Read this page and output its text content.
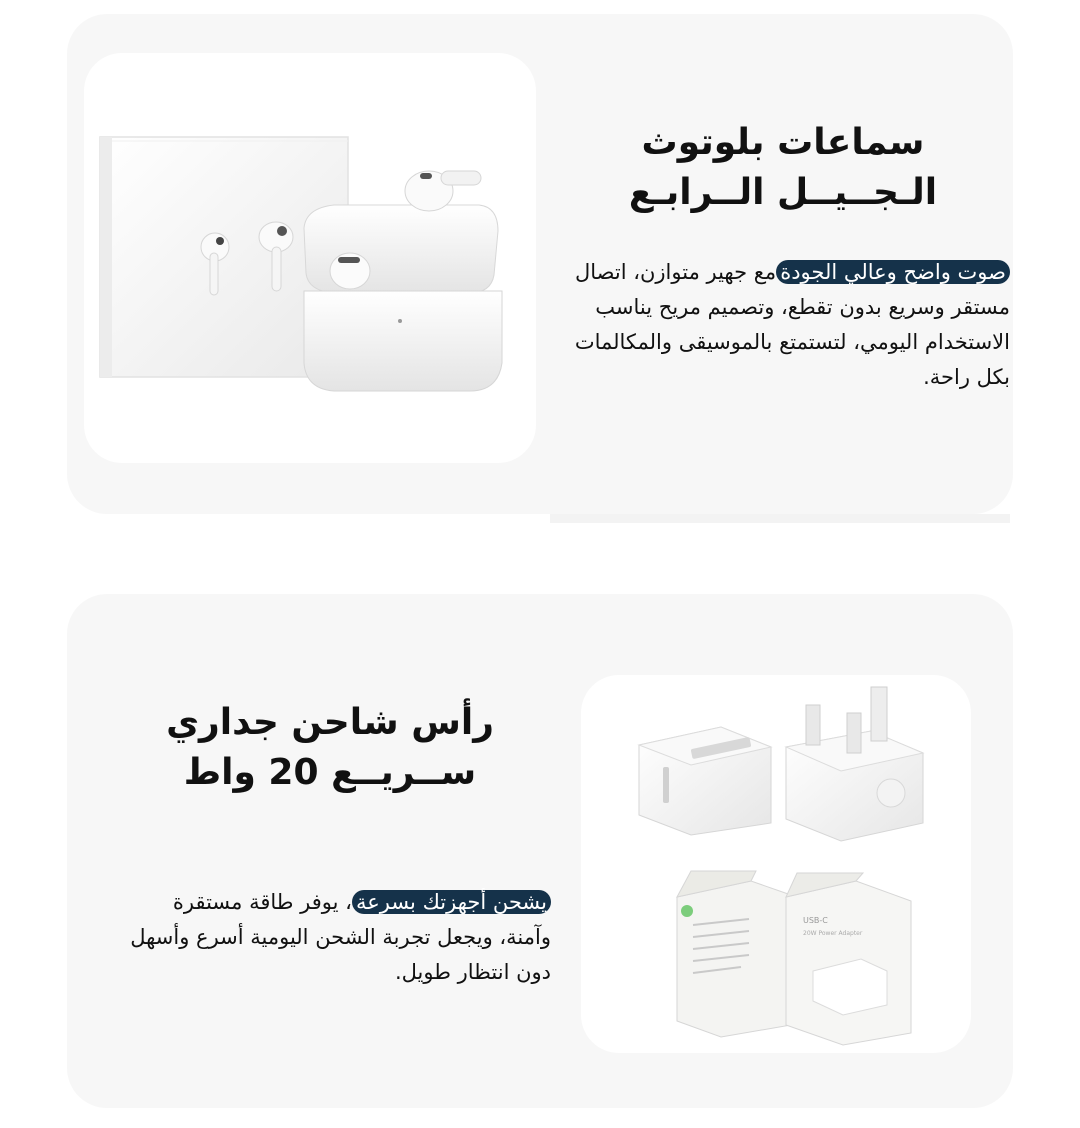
سماعات بلوتوث
الـجــيــل الــرابـع

صوت واضح وعالي الجودةمع جهير متوازن، اتصال مستقر وسريع بدون تقطع، وتصميم مريح يناسب الاستخدام اليومي، لتستمتع بالموسيقى والمكالمات بكل راحة.

USB-C
20W Power Adapter
رأس شاحن جداري
ســريــع 20 واط

يشحن أجهزتك بسرعة، يوفر طاقة مستقرة وآمنة، ويجعل تجربة الشحن اليومية أسرع وأسهل دون انتظار طويل.
